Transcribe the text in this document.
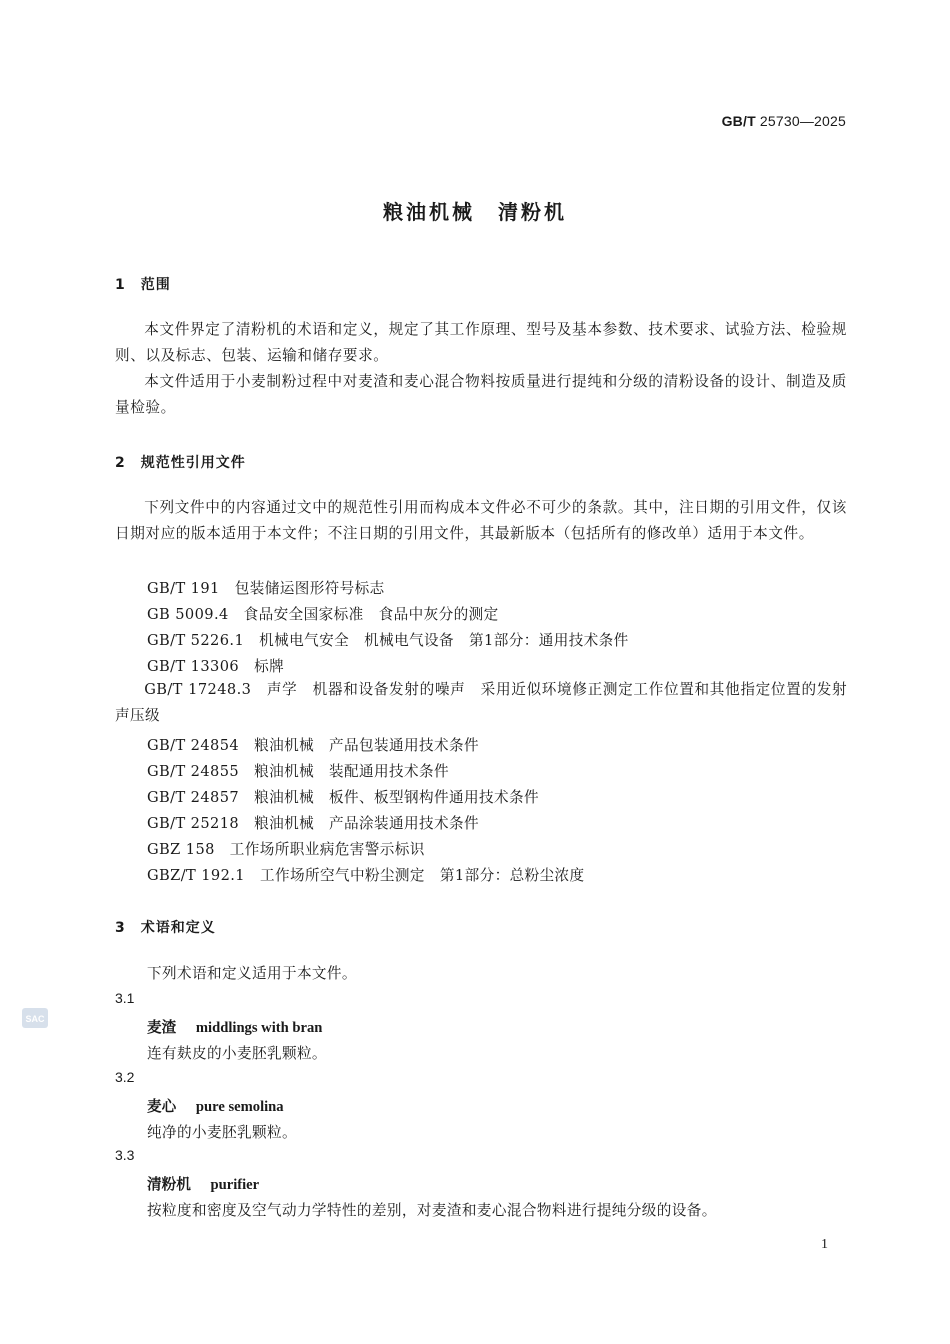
GB/T 25730—2025
粮油机械　清粉机
1　范围
本文件界定了清粉机的术语和定义，规定了其工作原理、型号及基本参数、技术要求、试验方法、检验规则、以及标志、包装、运输和储存要求。
本文件适用于小麦制粉过程中对麦渣和麦心混合物料按质量进行提纯和分级的清粉设备的设计、制造及质量检验。
2　规范性引用文件
下列文件中的内容通过文中的规范性引用而构成本文件必不可少的条款。其中，注日期的引用文件，仅该日期对应的版本适用于本文件；不注日期的引用文件，其最新版本（包括所有的修改单）适用于本文件。
GB/T 191　包装储运图形符号标志
GB 5009.4　食品安全国家标准　食品中灰分的测定
GB/T 5226.1　机械电气安全　机械电气设备　第1部分：通用技术条件
GB/T 13306　标牌
GB/T 17248.3　声学　机器和设备发射的噪声　采用近似环境修正测定工作位置和其他指定位置的发射声压级
GB/T 24854　粮油机械　产品包装通用技术条件
GB/T 24855　粮油机械　装配通用技术条件
GB/T 24857　粮油机械　板件、板型钢构件通用技术条件
GB/T 25218　粮油机械　产品涂装通用技术条件
GBZ 158　工作场所职业病危害警示标识
GBZ/T 192.1　工作场所空气中粉尘测定　第1部分：总粉尘浓度
3　术语和定义
下列术语和定义适用于本文件。
3.1
麦渣　 middlings with bran
连有麸皮的小麦胚乳颗粒。
3.2
麦心　 pure semolina
纯净的小麦胚乳颗粒。
3.3
清粉机　 purifier
按粒度和密度及空气动力学特性的差别，对麦渣和麦心混合物料进行提纯分级的设备。
SAC
1
